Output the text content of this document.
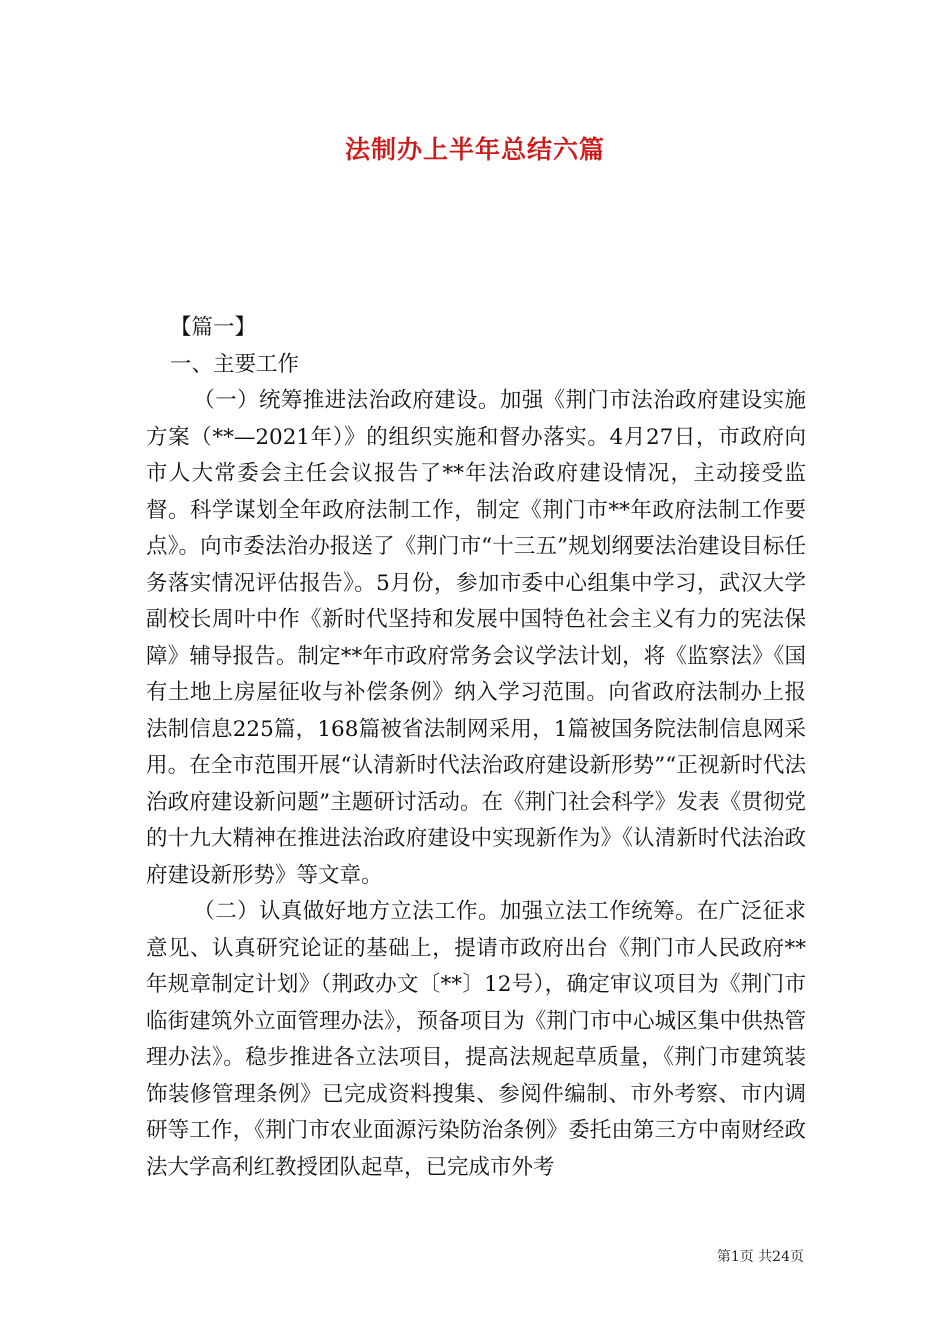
法制办上半年总结六篇

【篇一】

一、主要工作

（一）统筹推进法治政府建设。加强《荆门市法治政府建设实施方案（**—2021年）》的组织实施和督办落实。4月27日，市政府向市人大常委会主任会议报告了**年法治政府建设情况，主动接受监督。科学谋划全年政府法制工作，制定《荆门市**年政府法制工作要点》。向市委法治办报送了《荆门市“十三五”规划纲要法治建设目标任务落实情况评估报告》。5月份，参加市委中心组集中学习，武汉大学副校长周叶中作《新时代坚持和发展中国特色社会主义有力的宪法保障》辅导报告。制定**年市政府常务会议学法计划，将《监察法》《国有土地上房屋征收与补偿条例》纳入学习范围。向省政府法制办上报法制信息225篇，168篇被省法制网采用，1篇被国务院法制信息网采用。在全市范围开展“认清新时代法治政府建设新形势”“正视新时代法治政府建设新问题”主题研讨活动。在《荆门社会科学》发表《贯彻党的十九大精神在推进法治政府建设中实现新作为》《认清新时代法治政府建设新形势》等文章。

（二）认真做好地方立法工作。加强立法工作统筹。在广泛征求意见、认真研究论证的基础上，提请市政府出台《荆门市人民政府**年规章制定计划》（荆政办文〔**〕12号），确定审议项目为《荆门市临街建筑外立面管理办法》，预备项目为《荆门市中心城区集中供热管理办法》。稳步推进各立法项目，提高法规起草质量，《荆门市建筑装饰装修管理条例》已完成资料搜集、参阅件编制、市外考察、市内调研等工作，《荆门市农业面源污染防治条例》委托由第三方中南财经政法大学高利红教授团队起草，已完成市外考

第1页 共24页
